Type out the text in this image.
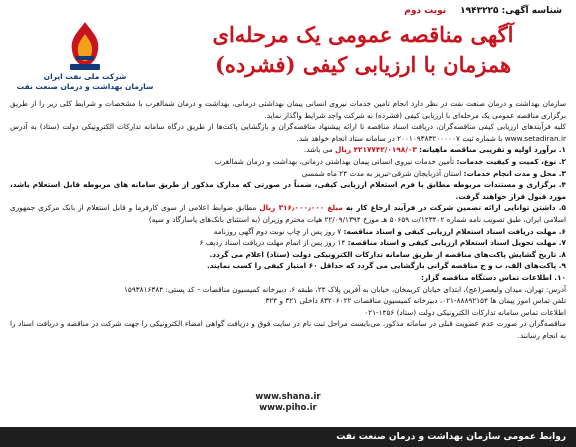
شناسه آگهی: ۱۹۴۳۲۲۵
نوبت دوم
آگهی مناقصه عمومی یک مرحله‌ای
همزمان با ارزیابی کیفی (فشرده)
شرکت ملی نفت ایران
سازمان بهداشت و درمان صنعت نفت

سازمان بهداشت و درمان صنعت نفت در نظر دارد انجام تامین خدمات نیروی انسانی پیمان بهداشتی درمانی، بهداشت و درمان شمالغرب با مشخصات و شرایط کلی زیر را از طریق برگزاری مناقصه عمومی یک مرحله‌ای با ارزیابی کیفی (فشرده) به شرکت واجد شرایط واگذار نماید.

کلیه فرآیندهای ارزیابی کیفی مناقصه‌گران، دریافت اسناد مناقصه تا ارائه پیشنهاد مناقصه‌گران و بازگشایی پاکت‌ها از طریق درگاه سامانه تدارکات الکترونیکی دولت (ستاد) به آدرس www.setadiran.ir با شماره ثبت ۲۰۰۱۰۹۳۸۳۲۰۰۰۰۰۷ در سامانه ستاد انجام خواهد شد.

۱. برآورد اولیه و تقریبی مناقصه ماهیانه: ۴۲۱۷۷۴۲/۰۱۹۸/۰۳ ریال می باشد.

۲. نوع، کمیت و کیفیت خدمات: تأمین خدمات نیروی انسانی پیمان بهداشتی درمانی، بهداشت و درمان شمالغرب

۳. محل و مدت انجام خدمات: استان آذربایجان شرقی-تبریز به مدت ۲۴ ماه شمسی

۴. برگزاری و مستندات مربوطه مطابق با فرم استعلام ارزیابی کیفی، ضمناً در صورتی که مدارک مذکور از طریق سامانه های مربوطه قابل استعلام باشد، مورد قبول قرار خواهند گرفت.

۵. داشتن توانایی ارائه تضمین شرکت در فرآیند ارجاع کار به مبلغ ۳۱۶٫۰۰۰٫۰۰۰ ریال مطابق ضوابط اعلامی از سوی کارفرما و قابل استعلام از بانک مرکزی جمهوری اسلامی ایران، طبق تصویب نامه شماره ۱۲۳۴۰۲/ت ۵۰۶۵۹ هـ مورخ ۲۲/۰۹/۱۳۹۴ هیات محترم وزیران (به استثنای بانک‌های پاسارگاد و سپه)

۶. مهلت دریافت اسناد استعلام ارزیابی کیفی و اسناد مناقصه: ۷ روز پس از چاپ نوبت دوم آگهی روزنامه

۷. مهلت تحویل اسناد استعلام ارزیابی کیفی و اسناد مناقصه: ۱۴ روز پس از اتمام مهلت دریافت اسناد ردیف ۶

۸. تاریخ گشایش پاکت‌های مناقصه از طریق سامانه تدارکات الکترونیکی دولت (ستاد) اعلام می گردد.

۹. پاکت‌های الف، ب و ج مناقصه گرانی بازگشایی می گردد که حداقل ۶۰ امتیاز کیفی را کسب نمایند.

۱۰. اطلاعات تماس دستگاه مناقصه گزار:

آدرس: تهران، میدان ولیعصر(عج)، ابتدای خیابان کریمخان، خیابان به آفرین پلاک ۲۴، طبقه ۶، دبیرخانه کمیسیون مناقصات – کد پستی: ۱۵۹۳۸۱۶۳۸۴

تلفن تماس امور پیمان ها ۸۸۸۹۲۱۵۴-۰۲۱، دبیرخانه کمیسیون مناقصات ۸۳۲۰۶۰۲۲ داخلی ۳۲۱ و ۳۲۴

اطلاعات تماس سامانه تدارکات الکترونیکی دولت (ستاد) ۱۴۵۶-۰۲۱

مناقصه‌گران در صورت عدم عضویت قبلی در سامانه مذکور، می‌بایست مراحل ثبت نام در سایت فوق و دریافت گواهی امضاء الکترونیکی را جهت شرکت در مناقصه و دریافت اسناد را به انجام رسانند.

www.shana.ir
www.piho.ir
روابط عمومی سازمان بهداشت و درمان صنعت نفت
